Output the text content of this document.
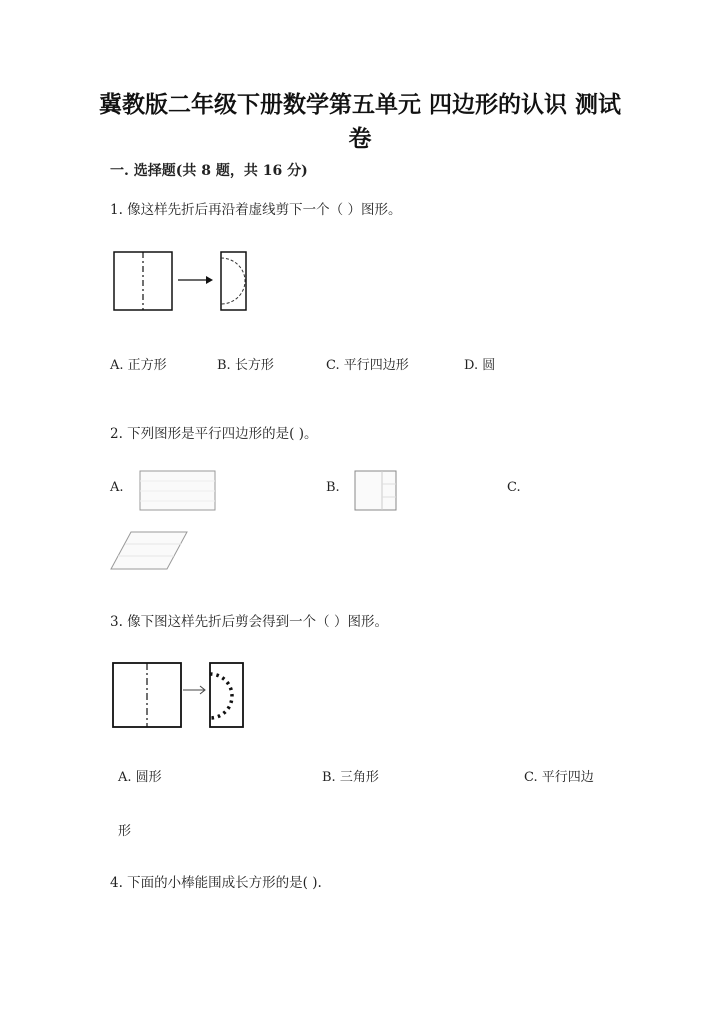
冀教版二年级下册数学第五单元 四边形的认识 测试卷
一. 选择题(共 8 题，共 16 分)
1. 像这样先折后再沿着虚线剪下一个（ ）图形。
A. 正方形	B. 长方形	C. 平行四边形	D. 圆
2. 下列图形是平行四边形的是( )。
A.	B.	C.
3. 像下图这样先折后剪会得到一个（ ）图形。
A. 圆形	B. 三角形	C. 平行四边
形
4. 下面的小棒能围成长方形的是( ).
